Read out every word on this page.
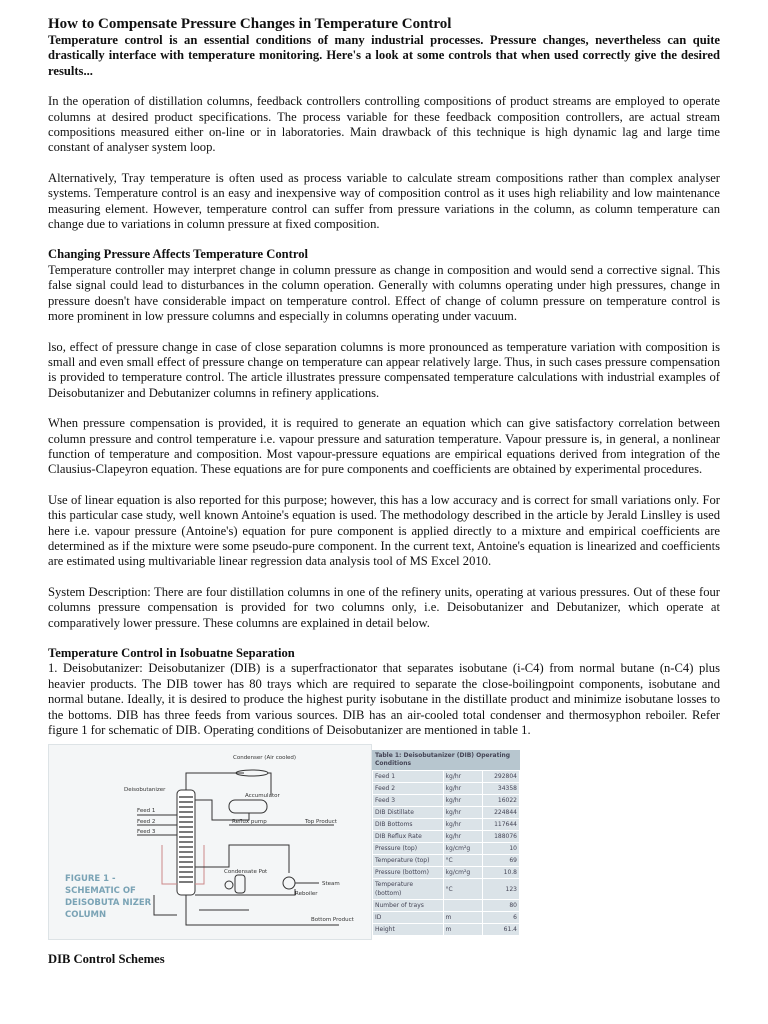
How to Compensate Pressure Changes in Temperature Control

Temperature control is an essential conditions of many industrial processes. Pressure changes, nevertheless can quite drastically interface with temperature monitoring. Here's a look at some controls that when used correctly give the desired results...

In the operation of distillation columns, feedback controllers controlling compositions of product streams are employed to operate columns at desired product specifications. The process variable for these feedback composition controllers, are actual stream compositions measured either on-line or in laboratories. Main drawback of this technique is high dynamic lag and large time constant of analyser system loop.

Alternatively, Tray temperature is often used as process variable to calculate stream compositions rather than complex analyser systems. Temperature control is an easy and inexpensive way of composition control as it uses high reliability and low maintenance measuring element. However, temperature control can suffer from pressure variations in the column, as column temperature can change due to variations in column pressure at fixed composition.

Changing Pressure Affects Temperature Control

Temperature controller may interpret change in column pressure as change in composition and would send a corrective signal. This false signal could lead to disturbances in the column operation. Generally with columns operating under high pressures, change in pressure doesn't have considerable impact on temperature control. Effect of change of column pressure on temperature control is more prominent in low pressure columns and especially in columns operating under vacuum.

lso, effect of pressure change in case of close separation columns is more pronounced as temperature variation with composition is small and even small effect of pressure change on temperature can appear relatively large. Thus, in such cases pressure compensation is provided to temperature control. The article illustrates pressure compensated temperature calculations with industrial examples of Deisobutanizer and Debutanizer columns in refinery applications.

When pressure compensation is provided, it is required to generate an equation which can give satisfactory correlation between column pressure and control temperature i.e. vapour pressure and saturation temperature. Vapour pressure is, in general, a nonlinear function of temperature and composition. Most vapour-pressure equations are empirical equations derived from integration of the Clausius-Clapeyron equation. These equations are for pure components and coefficients are obtained by experimental procedures.

Use of linear equation is also reported for this purpose; however, this has a low accuracy and is correct for small variations only. For this particular case study, well known Antoine's equation is used. The methodology described in the article by Jerald Linslley is used here i.e. vapour pressure (Antoine's) equation for pure component is applied directly to a mixture and empirical coefficients are determined as if the mixture were some pseudo-pure component. In the current text, Antoine's equation is linearized and coefficients are estimated using multivariable linear regression data analysis tool of MS Excel 2010.

System Description: There are four distillation columns in one of the refinery units, operating at various pressures. Out of these four columns pressure compensation is provided for two columns only, i.e. Deisobutanizer and Debutanizer, which operate at comparatively lower pressure. These columns are explained in detail below.

Temperature Control in Isobuatne Separation

1. Deisobutanizer: Deisobutanizer (DIB) is a superfractionator that separates isobutane (i-C4) from normal butane (n-C4) plus heavier products. The DIB tower has 80 trays which are required to separate the close-boilingpoint components, isobutane and normal butane. Ideally, it is desired to produce the highest purity isobutane in the distillate product and minimize isobutane losses to the bottoms. DIB has three feeds from various sources. DIB has an air-cooled total condenser and thermosyphon reboiler. Refer figure 1 for schematic of DIB. Operating conditions of Deisobutanizer are mentioned in table 1.

Condenser (Air cooled)
Deisobutanizer
Feed 1
Feed 2
Feed 3
Accumulator
Reflux pump	Top Product
Condensate Pot
Steam
Reboiler
Bottom Product
FIGURE 1 - SCHEMATIC OF DEISOBUTA NIZER COLUMN
Table 1: Deisobutanizer (DIB) Operating Conditions
Feed 1	kg/hr	292804
Feed 2	kg/hr	34358
Feed 3	kg/hr	16022
DIB Distillate	kg/hr	224844
DIB Bottoms	kg/hr	117644
DIB Reflux Rate	kg/hr	188076
Pressure (top)	kg/cm²g	10
Temperature (top)	°C	69
Pressure (bottom)	kg/cm²g	10.8
Temperature (bottom)	°C	123
Number of trays		80
ID	m	6
Height	m	61.4
DIB Control Schemes
